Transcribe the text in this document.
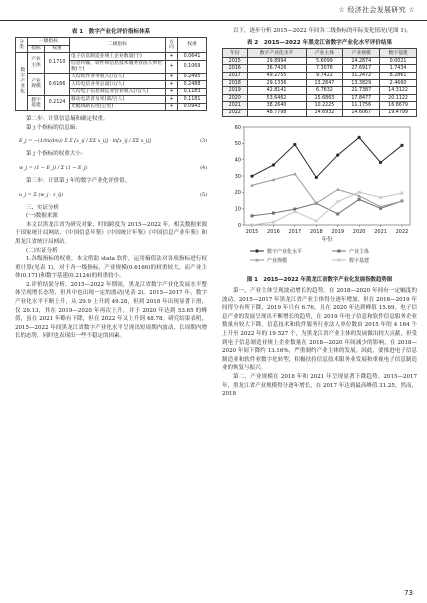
☆ 经济社会发展研究 ☆
表 1　数字产业化评价指标体系
分类	一级指标		二级指标	方向	权重
	指标	权重			
数字产业化	产业主体	0.1710	电子信息制造业规上企业数量(个)	+	0.0641
			信息传输、软件和信息技术服务业法人单位数(个)	+	0.1069
	产业规模	0.6166	人均软件业务收入(元/人)	+	0.2495
			人均电信业务总量(元/人)	+	0.2488
			人均电子信息制造业营业收入(元/人)	+	0.1183
	数字基建	0.2124	移动电话普及率(部/百人)	+	0.1181
			光缆线路长度(公里)	+	0.0943

第二步：计算信息熵和确定权重。

第 j 个指标的信息熵：

E_j = −(1/ln(dm)) Σ Σ [x_ij / ΣΣ x_ij] · ln[x_ij / ΣΣ x_ij]	(3)

第 j 个指标的权重大小：

w_j = (1 − E_j) / Σ (1 − E_j)	(4)

第三步：计算第 j 年的数字产业化评价值。

u_j = Σ (w_j · z_ij)	(5)

三、实证分析

(一)数据来源

本文以黑龙江省为研究对象，时间跨度为 2015—2022 年，相关数据来源于国家统计局网站、《中国信息年鉴》《中国统计年鉴》《中国信息产业年鉴》和黑龙江省统计局网站。

(二)实证分析

1.各级指标的权重。本文借助 stata 软件，运用熵值法对各项指标进行权重计算(见表 1)。对于各一级指标，产业规模(0.6166)的权重较大，而产业主体(0.171)和数字基建(0.2124)的权重较小。

2.评价结果分析。2015—2022 年期间，黑龙江省数字产业化发展水平整体呈现增长态势，但其中也出现一定的波动(见表 2)。2015—2017 年，数字产业化水平不断上升，从 29.9 上升到 49.28，但到 2018 年出现显著下滑，仅 29.13，其在 2019—2020 年再次上升，并于 2020 年达到 53.65 的峰值，虽在 2021 年略有下降，但在 2022 年又上升到 48.78。研究结果表明，2015—2022 年间黑龙江省数字产业化水平呈现出短周期内波动、长周期内增长的态势，同时也表现出一些不稳定的因素。

以下，逐步分析 2015—2022 年间各二级指标的年际变化情况(见图 1)。

表 2　2015—2022 年黑龙江省数字产业化水平评价结果
年份	数字产业化水平	产业主体	产业规模	数字基建
2015	29.8994	5.6099	24.2874	0.0021
2016	36.7426	7.3076	27.6917	1.7434
2017	49.2755	9.7422	31.2472	8.2861
2018	29.1336	13.2847	13.3829	2.4660
2019	42.8141	6.7632	21.7387	14.3122
2020	53.6462	15.6863	17.8477	20.1122
2021	38.2640	10.2225	11.1756	16.8679
2022	48.7798	14.6932	14.6067	19.4799
0
10
20
30
40
50
60
2015 2016 2017 2018 2019 2020 2021 2022
年份
数字产业化水平	产业主体
产业规模	数字基建
图 1　2015—2022 年黑龙江省数字产业化发展指数趋势图

第一，产业主体呈现波动增长的趋势。在 2018—2020 年间有一定幅度的波动，2015—2017 年黑龙江省产业主体得分逐年增加，但在 2018—2019 年间得分有所下降，2019 年只有 6.76，且在 2020 年达到峰值 15.69。电子信息产业的发展呈现出不断增长的趋势，在 2019 年电子信息和软件信息服务企业数量有较大下降。信息技术和软件服务行业法人单位数由 2015 年的 4 164 个上升至 2022 年的 19 527 个，为黑龙江省产业主体的发展做出较大贡献，但受到电子信息制造业规上企业数量在 2018—2020 年间减少的影响，在 2018—2020 年间下降约 13.16%，严重制约产业主体的发展。因此，要推进电子信息制造业和软件业数字化转型，积极扶持信息技术服务业发展和重视电子信息制造业的恢复与振兴。

第二，产业规模在 2018 年和 2021 年呈现显著下降趋势。2015—2017 年，黑龙江省产业规模得分逐年增长，在 2017 年达到最高峰值 31.25。然而，2018

73
